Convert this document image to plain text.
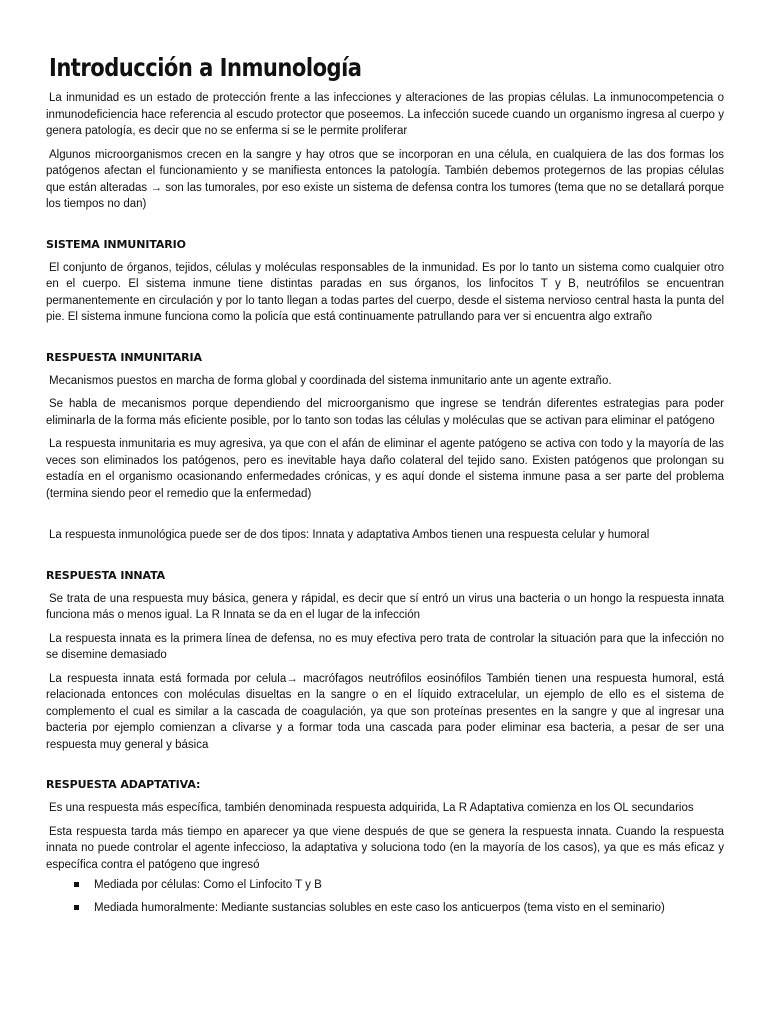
Introducción a Inmunología

La inmunidad es un estado de protección frente a las infecciones y alteraciones de las propias células. La inmunocompetencia o inmunodeficiencia hace referencia al escudo protector que poseemos. La infección sucede cuando un organismo ingresa al cuerpo y genera patología, es decir que no se enferma si se le permite proliferar

Algunos microorganismos crecen en la sangre y hay otros que se incorporan en una célula, en cualquiera de las dos formas los patógenos afectan el funcionamiento y se manifiesta entonces la patología. También debemos protegernos de las propias células que están alteradas → son las tumorales, por eso existe un sistema de defensa contra los tumores (tema que no se detallará porque los tiempos no dan)

SISTEMA INMUNITARIO

El conjunto de órganos, tejidos, células y moléculas responsables de la inmunidad. Es por lo tanto un sistema como cualquier otro en el cuerpo. El sistema inmune tiene distintas paradas en sus órganos, los linfocitos T y B, neutrófilos se encuentran permanentemente en circulación y por lo tanto llegan a todas partes del cuerpo, desde el sistema nervioso central hasta la punta del pie. El sistema inmune funciona como la policía que está continuamente patrullando para ver si encuentra algo extraño

RESPUESTA INMUNITARIA

Mecanismos puestos en marcha de forma global y coordinada del sistema inmunitario ante un agente extraño.

Se habla de mecanismos porque dependiendo del microorganismo que ingrese se tendrán diferentes estrategias para poder eliminarla de la forma más eficiente posible, por lo tanto son todas las células y moléculas que se activan para eliminar el patógeno

La respuesta inmunitaria es muy agresiva, ya que con el afán de eliminar el agente patógeno se activa con todo y la mayoría de las veces son eliminados los patógenos, pero es inevitable haya daño colateral del tejido sano. Existen patógenos que prolongan su estadía en el organismo ocasionando enfermedades crónicas, y es aquí donde el sistema inmune pasa a ser parte del problema (termina siendo peor el remedio que la enfermedad)

La respuesta inmunológica puede ser de dos tipos: Innata y adaptativa Ambos tienen una respuesta celular y humoral

RESPUESTA INNATA

Se trata de una respuesta muy básica, genera y rápidal, es decir que sí entró un virus una bacteria o un hongo la respuesta innata funciona más o menos igual. La R Innata se da en el lugar de la infección

La respuesta innata es la primera línea de defensa, no es muy efectiva pero trata de controlar la situación para que la infección no se disemine demasiado

La respuesta innata está formada por celula→ macrófagos neutrófilos eosinófilos También tienen una respuesta humoral, está relacionada entonces con moléculas disueltas en la sangre o en el líquido extracelular, un ejemplo de ello es el sistema de complemento el cual es similar a la cascada de coagulación, ya que son proteínas presentes en la sangre y que al ingresar una bacteria por ejemplo comienzan a clivarse y a formar toda una cascada para poder eliminar esa bacteria, a pesar de ser una respuesta muy general y básica

RESPUESTA ADAPTATIVA:

Es una respuesta más específica, también denominada respuesta adquirida, La R Adaptativa comienza en los OL secundarios

Esta respuesta tarda más tiempo en aparecer ya que viene después de que se genera la respuesta innata. Cuando la respuesta innata no puede controlar el agente infeccioso, la adaptativa y soluciona todo (en la mayoría de los casos), ya que es más eficaz y específica contra el patógeno que ingresó

Mediada por células: Como el Linfocito T y B
Mediada humoralmente: Mediante sustancias solubles en este caso los anticuerpos (tema visto en el seminario)
